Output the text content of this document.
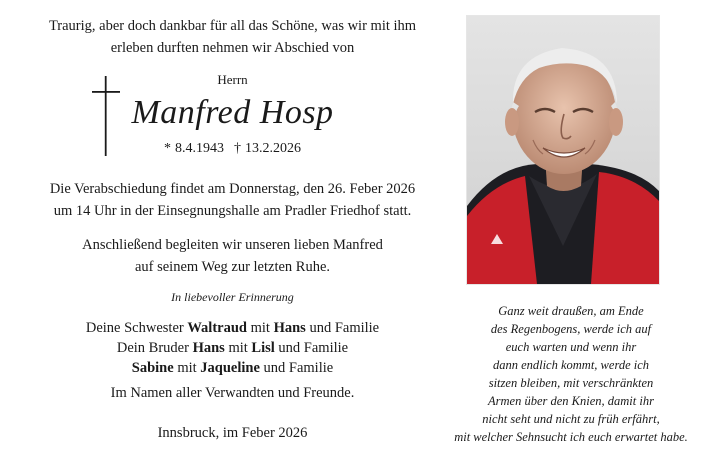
Traurig, aber doch dankbar für all das Schöne, was wir mit ihm
erleben durften nehmen wir Abschied von
Herrn
Manfred Hosp
* 8.4.1943 † 13.2.2026
Die Verabschiedung findet am Donnerstag, den 26. Feber 2026
um 14 Uhr in der Einsegnungshalle am Pradler Friedhof statt.
Anschließend begleiten wir unseren lieben Manfred
auf seinem Weg zur letzten Ruhe.
In liebevoller Erinnerung
Deine Schwester Waltraud mit Hans und Familie
Dein Bruder Hans mit Lisl und Familie
Sabine mit Jaqueline und Familie
Im Namen aller Verwandten und Freunde.
Innsbruck, im Feber 2026
Ganz weit draußen, am Ende
des Regenbogens, werde ich auf
euch warten und wenn ihr
dann endlich kommt, werde ich
sitzen bleiben, mit verschränkten
Armen über den Knien, damit ihr
nicht seht und nicht zu früh erfährt,
mit welcher Sehnsucht ich euch erwartet habe.
